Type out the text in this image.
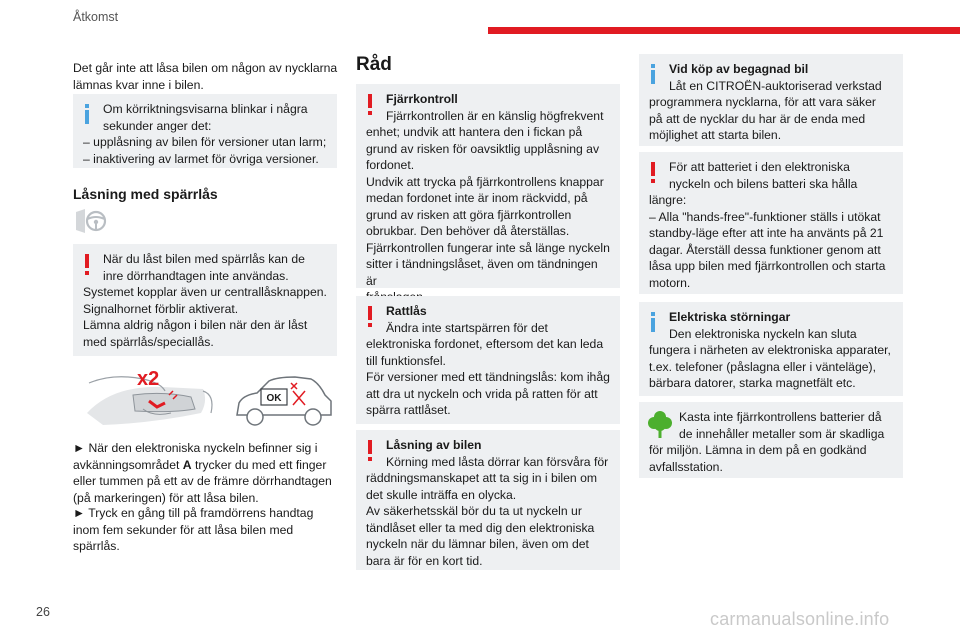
Åtkomst
Det går inte att låsa bilen om någon av nycklarna
lämnas kvar inne i bilen.
Om körriktningsvisarna blinkar i några
sekunder anger det:
– upplåsning av bilen för versioner utan larm;
– inaktivering av larmet för övriga versioner.
Låsning med spärrlås
När du låst bilen med spärrlås kan de
inre dörrhandtagen inte användas.
Systemet kopplar även ur centrallåsknappen.
Signalhornet förblir aktiverat.
Lämna aldrig någon i bilen när den är låst
med spärrlås/speciallås.
x2
OK
► När den elektroniska nyckeln befinner sig i
avkänningsområdet A trycker du med ett finger
eller tummen på ett av de främre dörrhandtagen
(på markeringen) för att låsa bilen.
► Tryck en gång till på framdörrens handtag
inom fem sekunder för att låsa bilen med
spärrlås.
Råd
Fjärrkontroll
Fjärrkontrollen är en känslig högfrekvent
enhet; undvik att hantera den i fickan på
grund av risken för oavsiktlig upplåsning av
fordonet.
Undvik att trycka på fjärrkontrollens knappar
medan fordonet inte är inom räckvidd, på
grund av risken att göra fjärrkontrollen
obrukbar. Den behöver då återställas.
Fjärrkontrollen fungerar inte så länge nyckeln
sitter i tändningslåset, även om tändningen är

Rattlås
Ändra inte startspärren för det
elektroniska fordonet, eftersom det kan leda
till funktionsfel.
För versioner med ett tändningslås: kom ihåg
att dra ut nyckeln och vrida på ratten för att
spärra rattlåset.
Låsning av bilen
Körning med låsta dörrar kan försvåra för
räddningsmanskapet att ta sig in i bilen om
det skulle inträffa en olycka.
Av säkerhetsskäl bör du ta ut nyckeln ur
tändlåset eller ta med dig den elektroniska
nyckeln när du lämnar bilen, även om det
bara är för en kort tid.
Vid köp av begagnad bil
Låt en CITROËN-auktoriserad verkstad
programmera nycklarna, för att vara säker
på att de nycklar du har är de enda med
möjlighet att starta bilen.
För att batteriet i den elektroniska
nyckeln och bilens batteri ska hålla
längre:
– Alla "hands-free"-funktioner ställs i utökat
standby-läge efter att inte ha använts på 21
dagar. Återställ dessa funktioner genom att
låsa upp bilen med fjärrkontrollen och starta
motorn.
Elektriska störningar
Den elektroniska nyckeln kan sluta
fungera i närheten av elektroniska apparater,
t.ex. telefoner (påslagna eller i vänteläge),
bärbara datorer, starka magnetfält etc.
Kasta inte fjärrkontrollens batterier då
de innehåller metaller som är skadliga
för miljön. Lämna in dem på en godkänd
avfallsstation.
26	carmanualsonline.info
